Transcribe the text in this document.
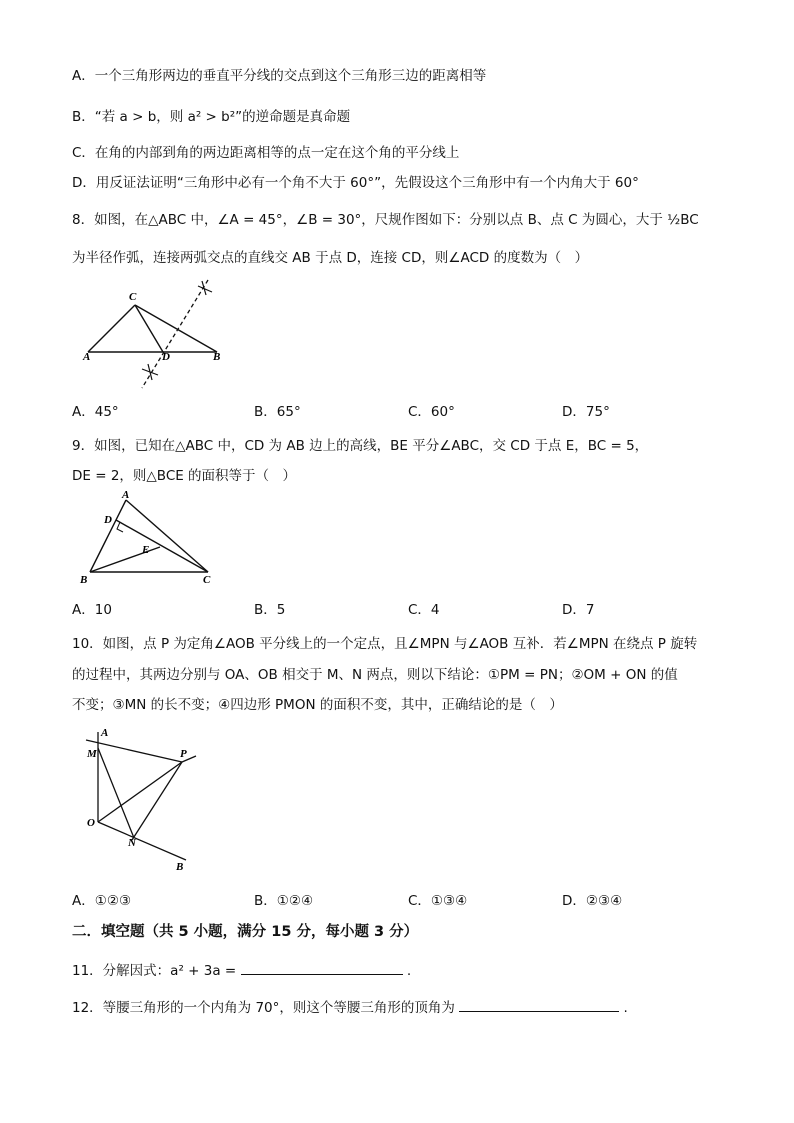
A．一个三角形两边的垂直平分线的交点到这个三角形三边的距离相等
B．“若 a > b，则 a² > b²”的逆命题是真命题
C．在角的内部到角的两边距离相等的点一定在这个角的平分线上
D．用反证法证明“三角形中必有一个角不大于 60°”，先假设这个三角形中有一个内角大于 60°
8．如图，在△ABC 中，∠A = 45°，∠B = 30°，尺规作图如下：分别以点 B、点 C 为圆心，大于 ½BC
为半径作弧，连接两弧交点的直线交 AB 于点 D，连接 CD，则∠ACD 的度数为（　）
C
A	D	B
A．45°	B．65°	C．60°	D．75°
9．如图，已知在△ABC 中，CD 为 AB 边上的高线，BE 平分∠ABC，交 CD 于点 E，BC = 5，
DE = 2，则△BCE 的面积等于（　）
A
D
E
B	C
A．10	B．5	C．4	D．7
10．如图，点 P 为定角∠AOB 平分线上的一个定点，且∠MPN 与∠AOB 互补．若∠MPN 在绕点 P 旋转
的过程中，其两边分别与 OA、OB 相交于 M、N 两点，则以下结论：①PM = PN；②OM + ON 的值
不变；③MN 的长不变；④四边形 PMON 的面积不变，其中，正确结论的是（　）
A
M	P
O
N
B
A．①②③	B．①②④	C．①③④	D．②③④
二．填空题（共 5 小题，满分 15 分，每小题 3 分）
11．分解因式：a² + 3a =	.
12．等腰三角形的一个内角为 70°，则这个等腰三角形的顶角为	.
